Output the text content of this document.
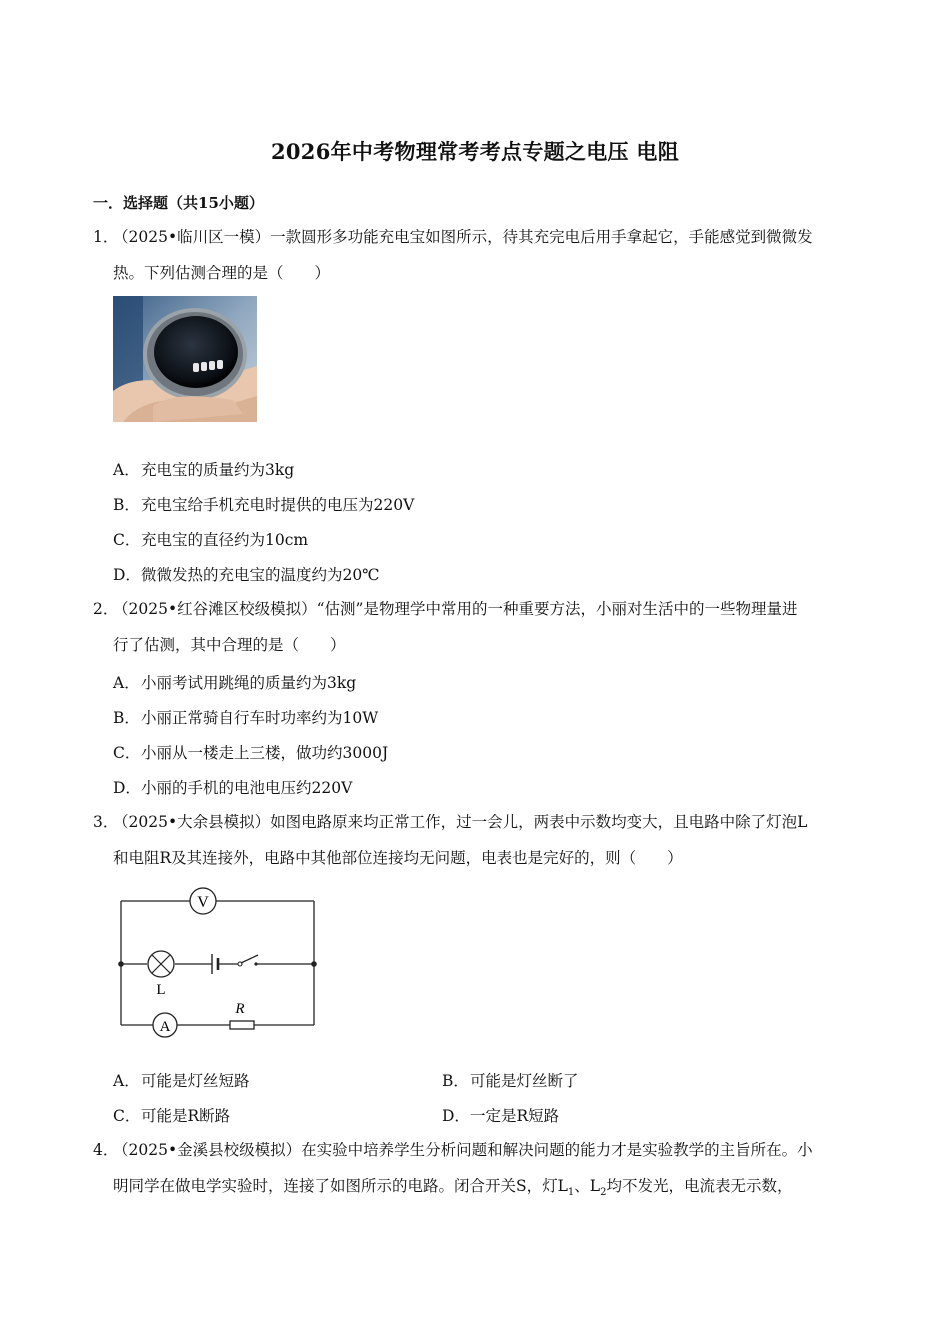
2026年中考物理常考考点专题之电压 电阻
一．选择题（共15小题）
1．（2025•临川区一模）一款圆形多功能充电宝如图所示，待其充完电后用手拿起它，手能感觉到微微发
热。下列估测合理的是（　　）
A．充电宝的质量约为3kg
B．充电宝给手机充电时提供的电压为220V
C．充电宝的直径约为10cm
D．微微发热的充电宝的温度约为20℃
2．（2025•红谷滩区校级模拟）“估测”是物理学中常用的一种重要方法，小丽对生活中的一些物理量进
行了估测，其中合理的是（　　）
A．小丽考试用跳绳的质量约为3kg
B．小丽正常骑自行车时功率约为10W
C．小丽从一楼走上三楼，做功约3000J
D．小丽的手机的电池电压约220V
3．（2025•大余县模拟）如图电路原来均正常工作，过一会儿，两表中示数均变大，且电路中除了灯泡L
和电阻R及其连接外，电路中其他部位连接均无问题，电表也是完好的，则（　　）
V
L
A
R
A．可能是灯丝短路	B．可能是灯丝断了
C．可能是R断路	D．一定是R短路
4．（2025•金溪县校级模拟）在实验中培养学生分析问题和解决问题的能力才是实验教学的主旨所在。小
明同学在做电学实验时，连接了如图所示的电路。闭合开关S，灯$L_1$、$L_2$均不发光，电流表无示数，
